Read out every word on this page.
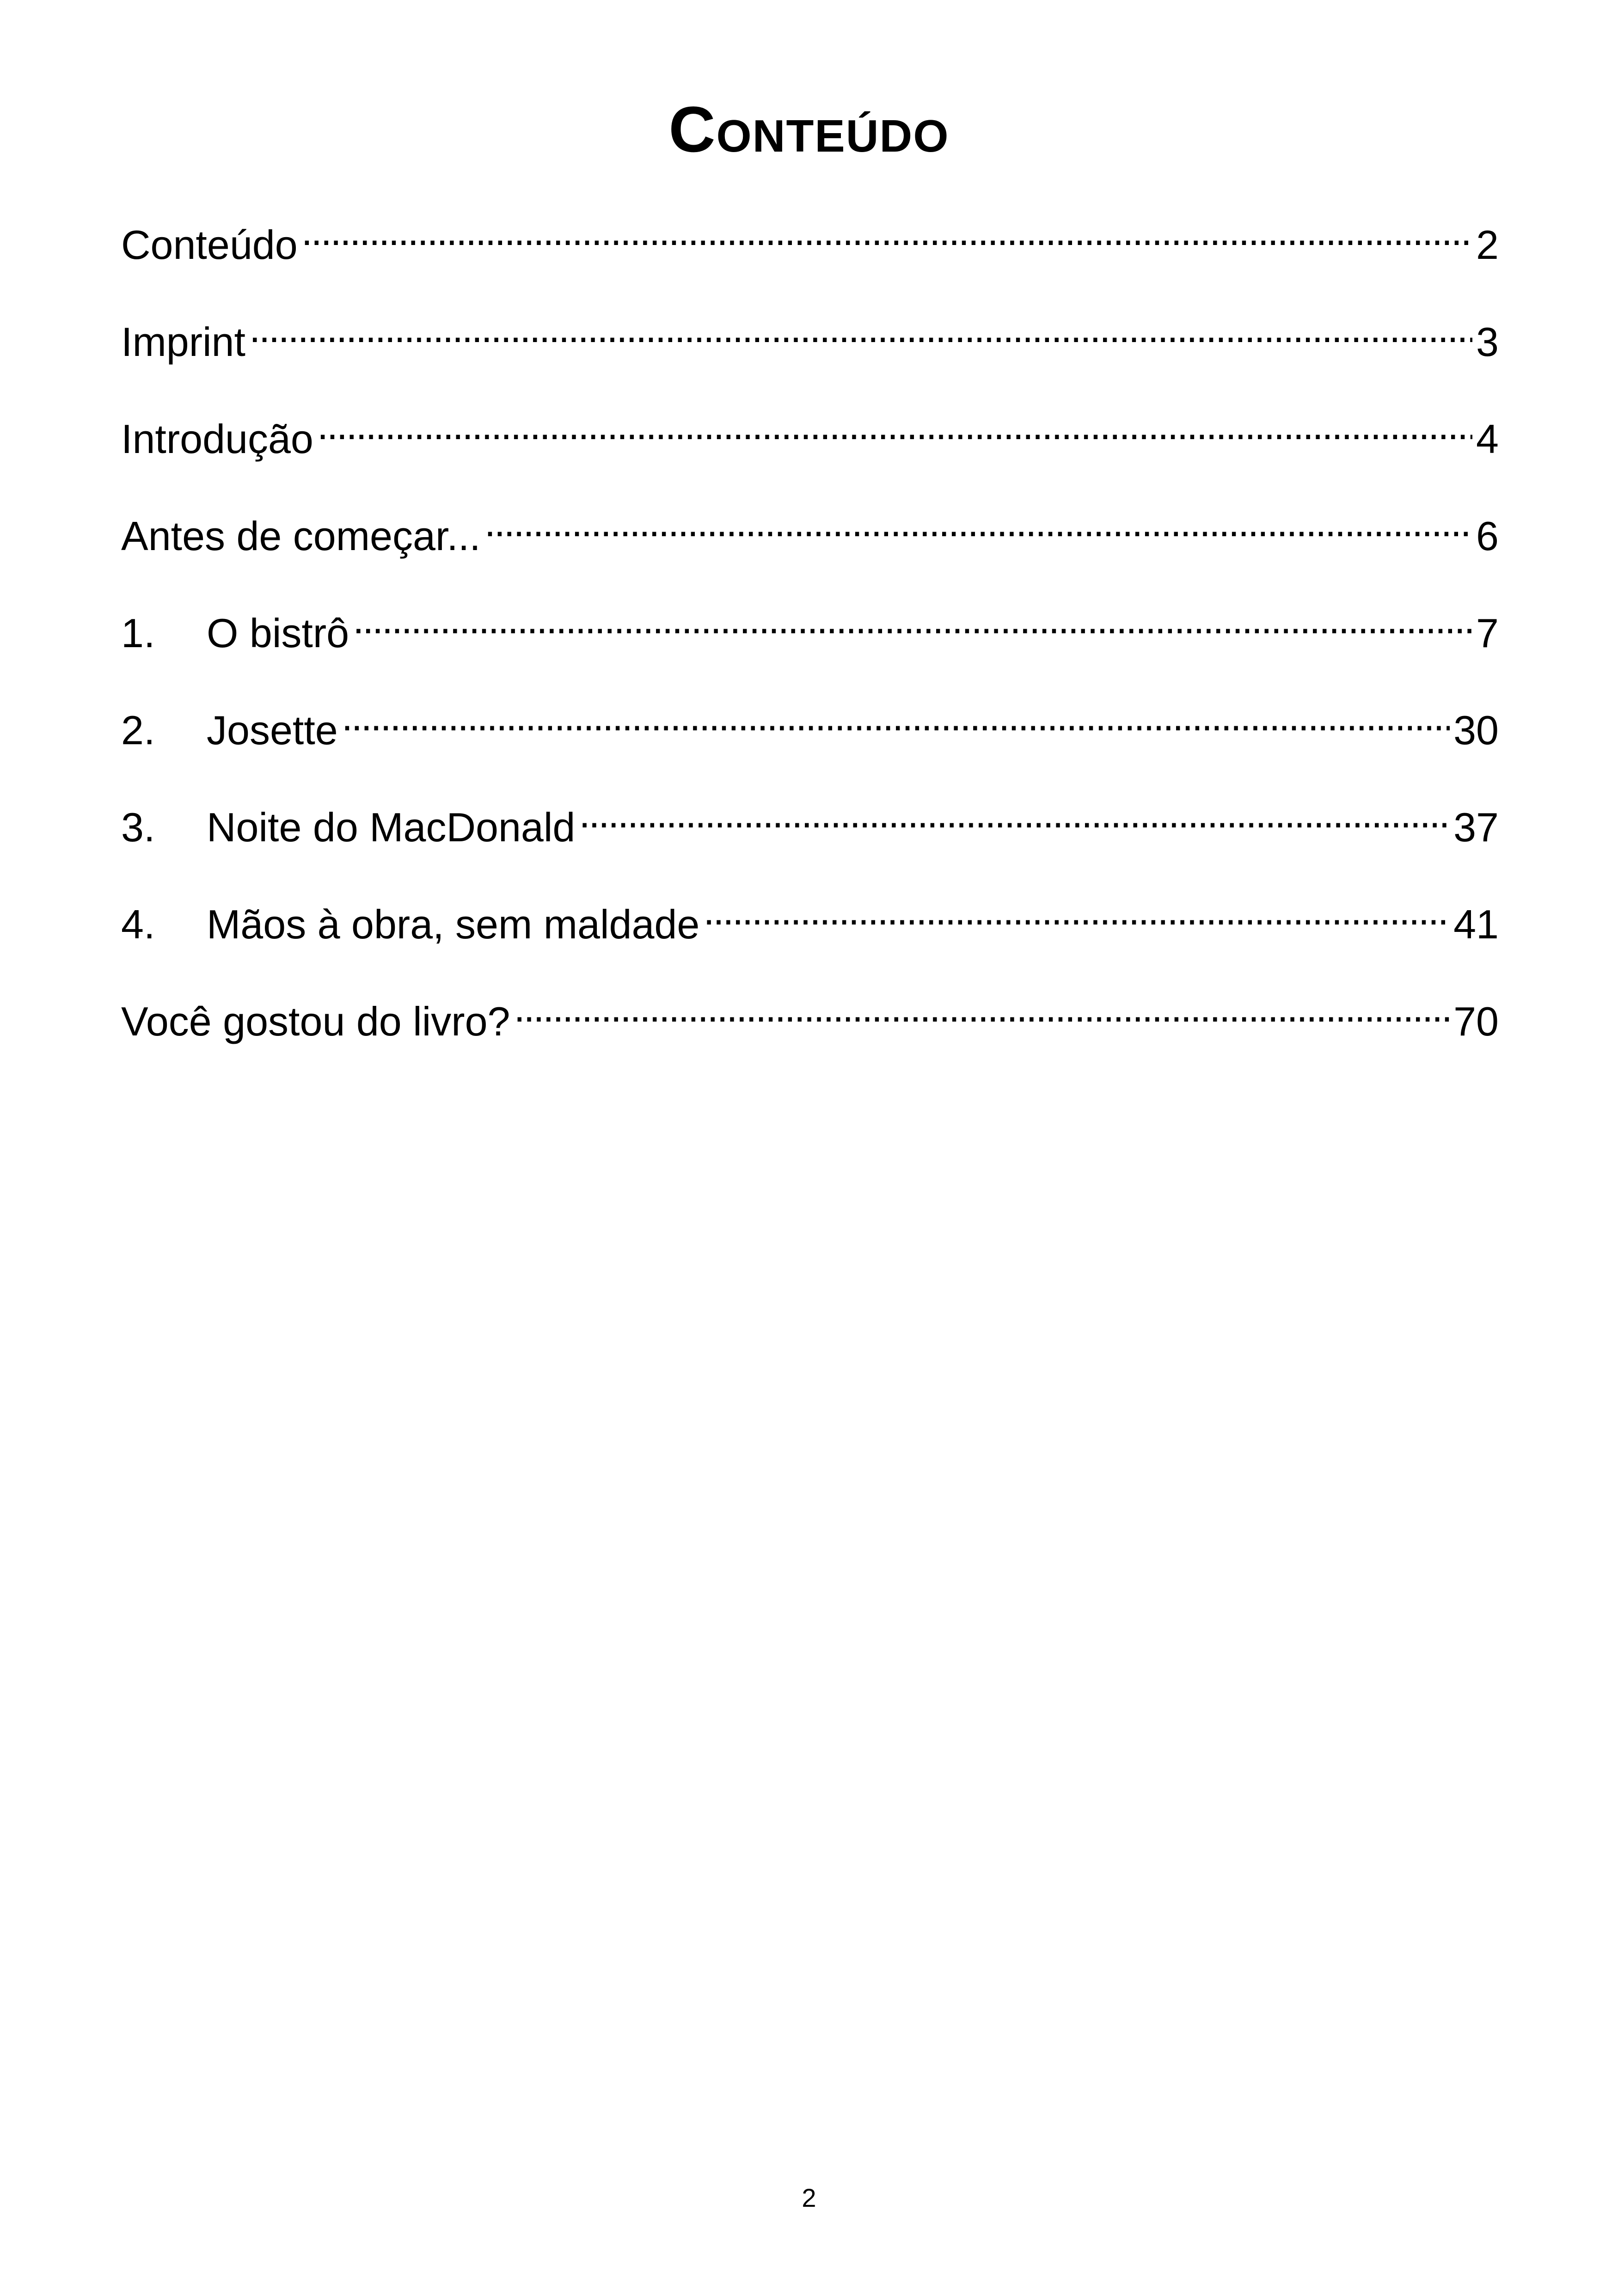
Conteúdo
Conteúdo . . .	2
Imprint . . .	3
Introdução . . .	4
Antes de começar... . . .	6
1.	O bistrô . . .	7
2.	Josette . . .	30
3.	Noite do MacDonald . . .	37
4.	Mãos à obra, sem maldade . . .	41
Você gostou do livro? . . .	70
2
